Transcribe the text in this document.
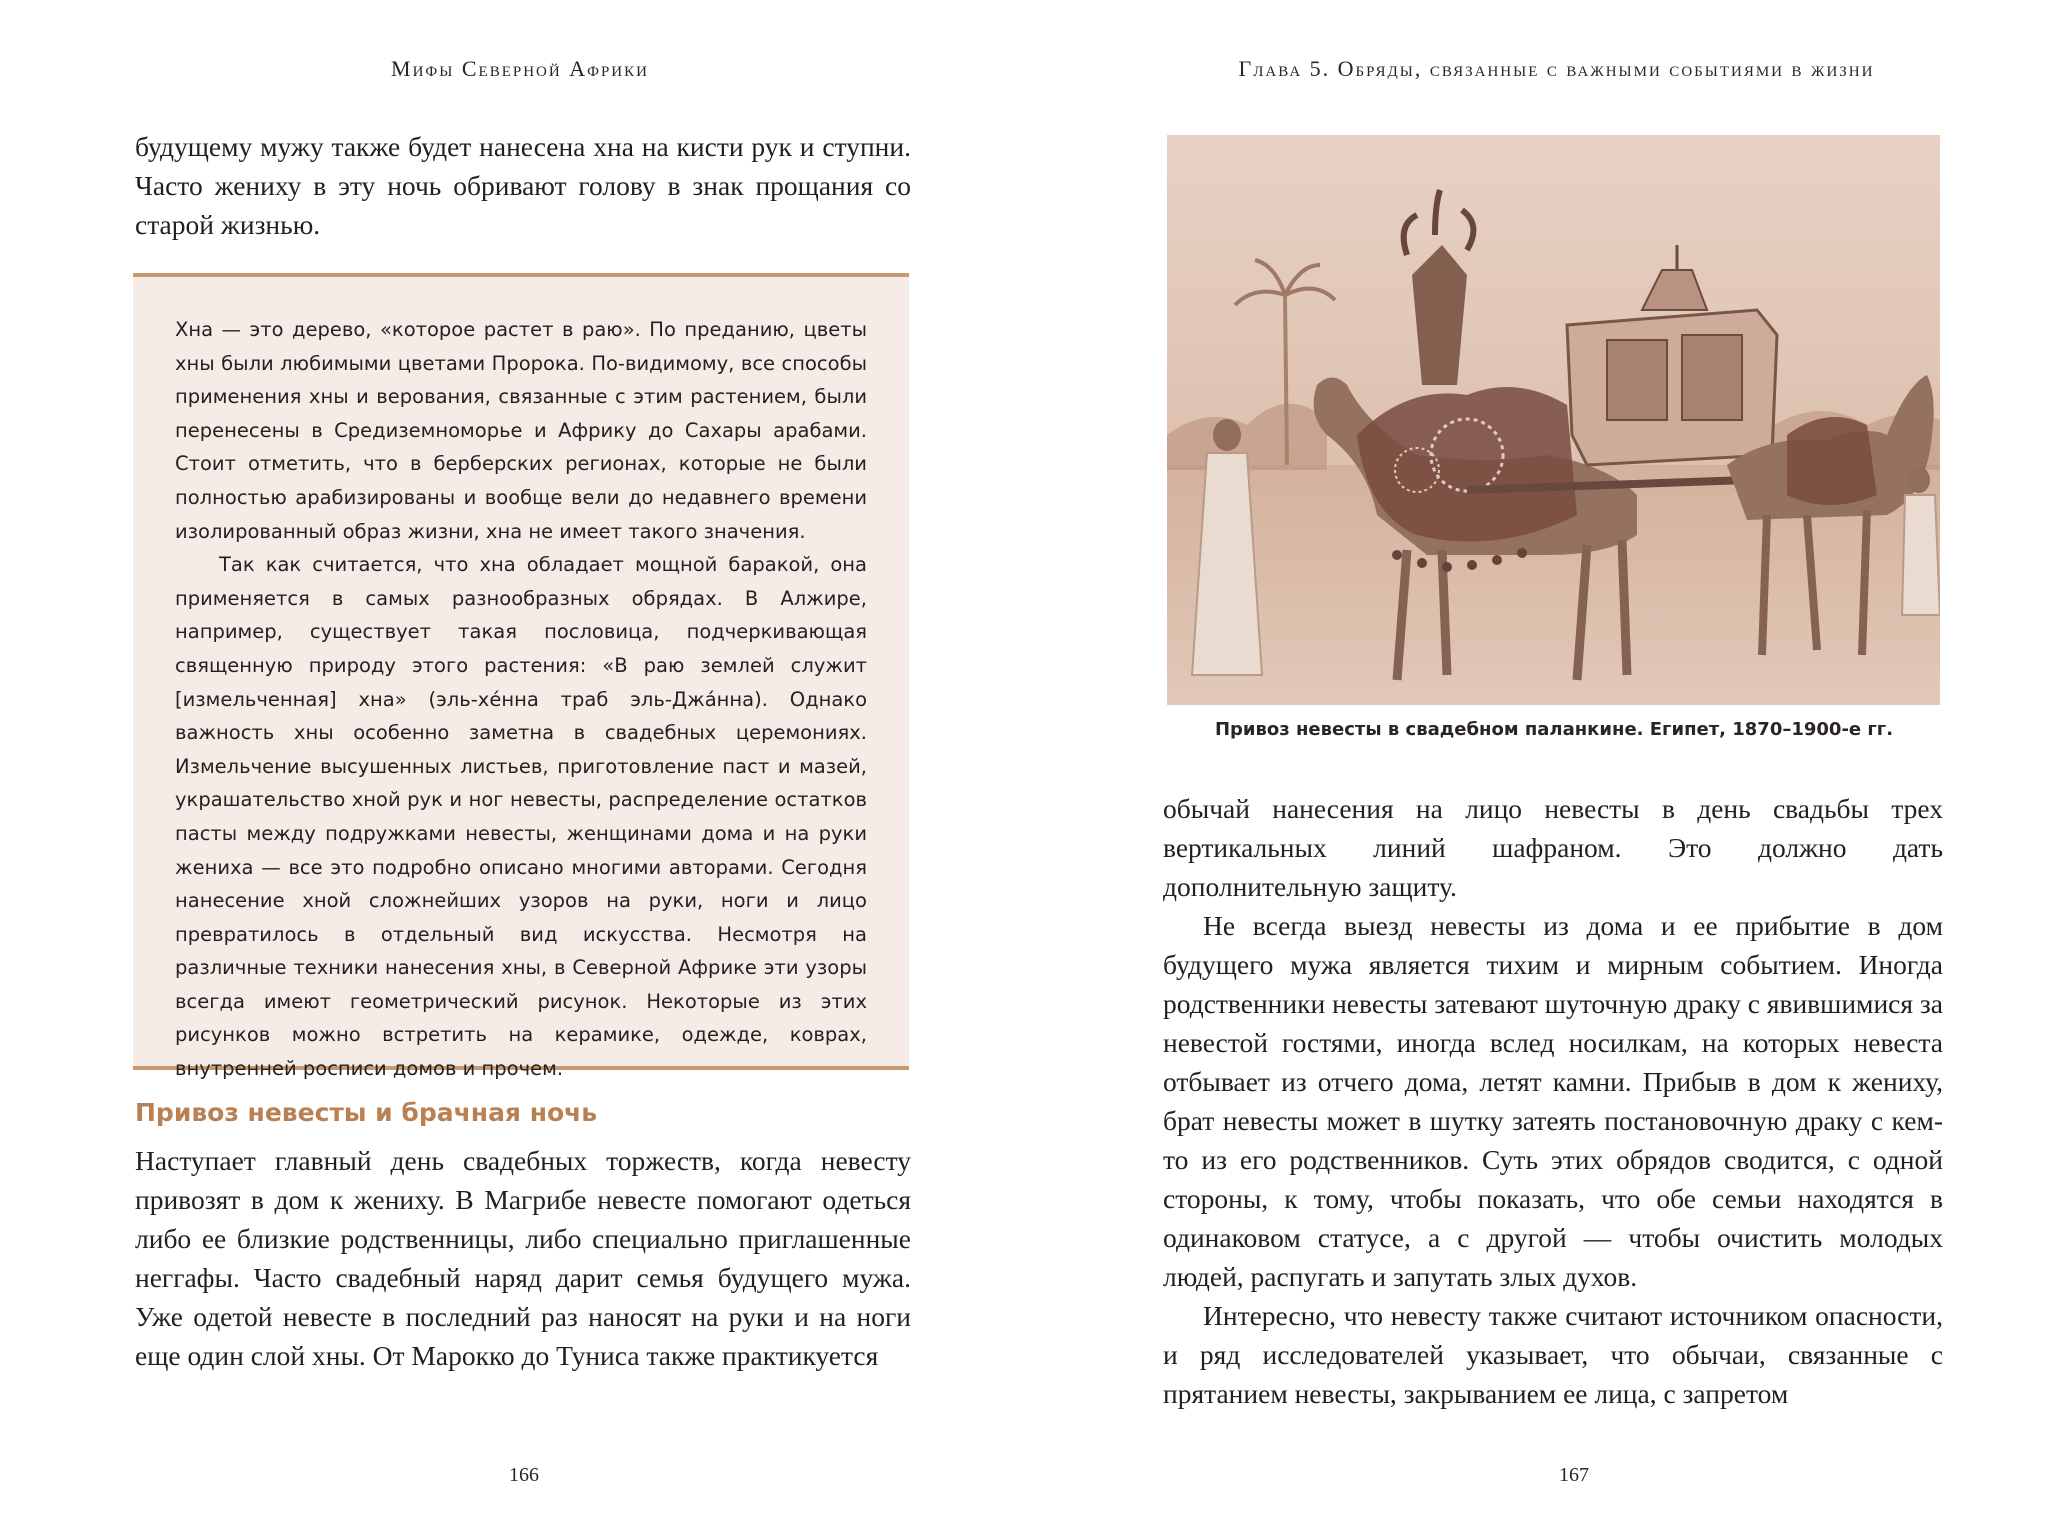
Мифы Северной Африки

будущему мужу также будет нанесена хна на кисти рук и ступни. Часто жениху в эту ночь обривают голову в знак прощания со старой жизнью.

Хна — это дерево, «которое растет в раю». По преданию, цветы хны были любимыми цветами Пророка. По-видимому, все способы применения хны и верования, связанные с этим растением, были перенесены в Средиземноморье и Африку до Сахары арабами. Стоит отметить, что в берберских регионах, которые не были полностью арабизированы и вообще вели до недавнего времени изолированный образ жизни, хна не имеет такого значения.

Так как считается, что хна обладает мощной баракой, она применяется в самых разнообразных обрядах. В Алжире, например, существует такая пословица, подчеркивающая священную природу этого растения: «В раю землей служит [измельченная] хна» (эль-хе́нна траб эль-Джа́нна). Однако важность хны особенно заметна в свадебных церемониях. Измельчение высушенных листьев, приготовление паст и мазей, украшательство хной рук и ног невесты, распределение остатков пасты между подружками невесты, женщинами дома и на руки жениха — все это подробно описано многими авторами. Сегодня нанесение хной сложнейших узоров на руки, ноги и лицо превратилось в отдельный вид искусства. Несмотря на различные техники нанесения хны, в Северной Африке эти узоры всегда имеют геометрический рисунок. Некоторые из этих рисунков можно встретить на керамике, одежде, коврах, внутренней росписи домов и прочем.

Привоз невесты и брачная ночь

Наступает главный день свадебных торжеств, когда невесту привозят в дом к жениху. В Магрибе невесте помогают одеться либо ее близкие родственницы, либо специально приглашенные неггафы. Часто свадебный наряд дарит семья будущего мужа. Уже одетой невесте в последний раз наносят на руки и на ноги еще один слой хны. От Марокко до Туниса также практикуется

166
Глава 5. Обряды, связанные с важными событиями в жизни
Привоз невесты в свадебном паланкине. Египет, 1870–1900-е гг.

обычай нанесения на лицо невесты в день свадьбы трех вертикальных линий шафраном. Это должно дать дополнительную защиту.

Не всегда выезд невесты из дома и ее прибытие в дом будущего мужа является тихим и мирным событием. Иногда родственники невесты затевают шуточную драку с явившимися за невестой гостями, иногда вслед носилкам, на которых невеста отбывает из отчего дома, летят камни. Прибыв в дом к жениху, брат невесты может в шутку затеять постановочную драку с кем-то из его родственников. Суть этих обрядов сводится, с одной стороны, к тому, чтобы показать, что обе семьи находятся в одинаковом статусе, а с другой — чтобы очистить молодых людей, распугать и запутать злых духов.

Интересно, что невесту также считают источником опасности, и ряд исследователей указывает, что обычаи, связанные с прятанием невесты, закрыванием ее лица, с запретом

167
